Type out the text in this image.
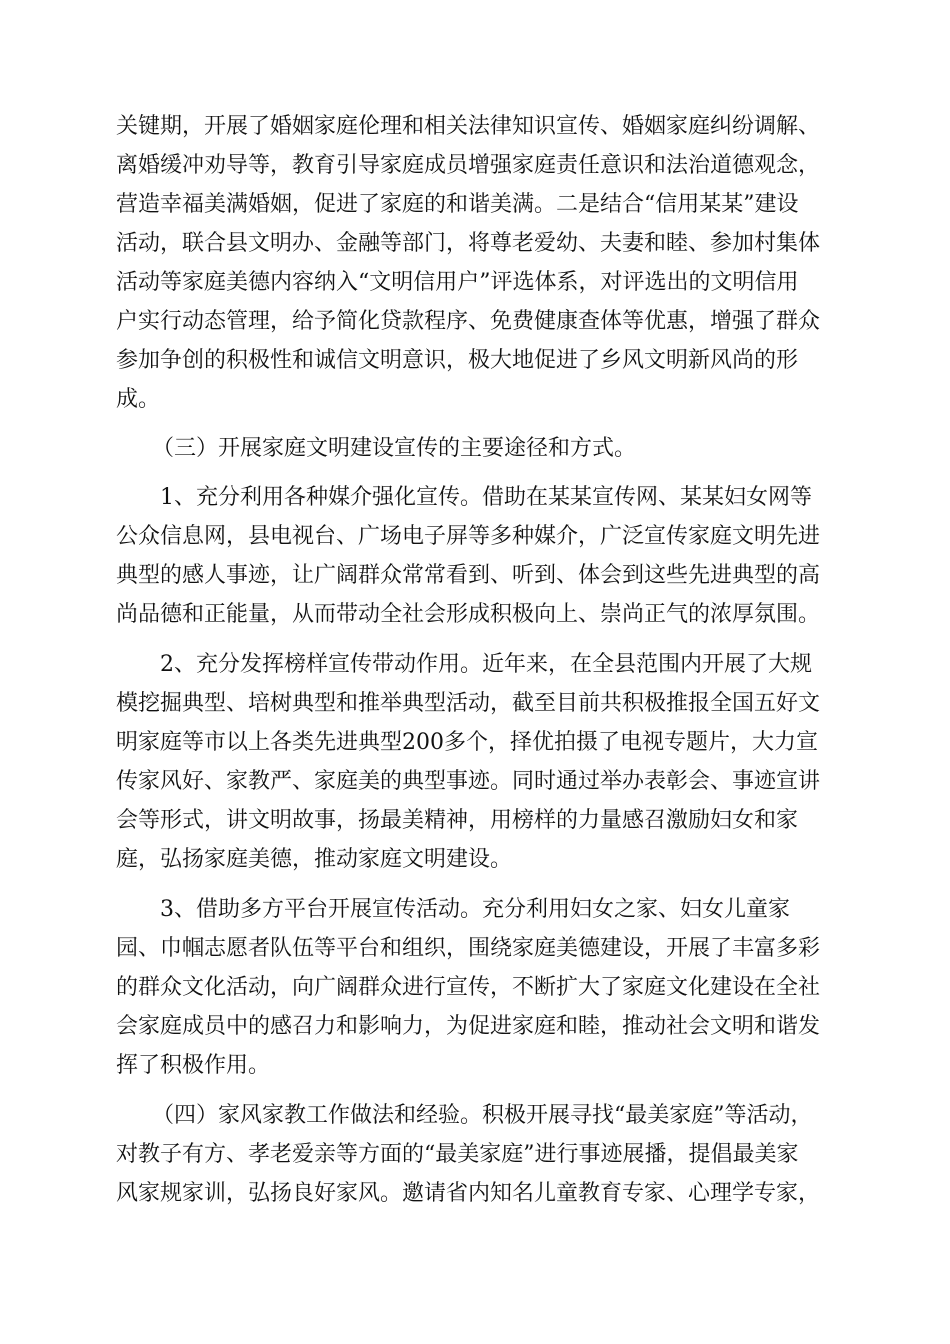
关键期，开展了婚姻家庭伦理和相关法律知识宣传、婚姻家庭纠纷调解、

离婚缓冲劝导等，教育引导家庭成员增强家庭责任意识和法治道德观念，

营造幸福美满婚姻，促进了家庭的和谐美满。二是结合“信用某某”建设

活动，联合县文明办、金融等部门，将尊老爱幼、夫妻和睦、参加村集体

活动等家庭美德内容纳入“文明信用户”评选体系，对评选出的文明信用

户实行动态管理，给予简化贷款程序、免费健康查体等优惠，增强了群众

参加争创的积极性和诚信文明意识，极大地促进了乡风文明新风尚的形

成。

（三）开展家庭文明建设宣传的主要途径和方式。

1、充分利用各种媒介强化宣传。借助在某某宣传网、某某妇女网等

公众信息网，县电视台、广场电子屏等多种媒介，广泛宣传家庭文明先进

典型的感人事迹，让广阔群众常常看到、听到、体会到这些先进典型的高

尚品德和正能量，从而带动全社会形成积极向上、崇尚正气的浓厚氛围。

2、充分发挥榜样宣传带动作用。近年来，在全县范围内开展了大规

模挖掘典型、培树典型和推举典型活动，截至目前共积极推报全国五好文

明家庭等市以上各类先进典型200多个，择优拍摄了电视专题片，大力宣

传家风好、家教严、家庭美的典型事迹。同时通过举办表彰会、事迹宣讲

会等形式，讲文明故事，扬最美精神，用榜样的力量感召激励妇女和家

庭，弘扬家庭美德，推动家庭文明建设。

3、借助多方平台开展宣传活动。充分利用妇女之家、妇女儿童家

园、巾帼志愿者队伍等平台和组织，围绕家庭美德建设，开展了丰富多彩

的群众文化活动，向广阔群众进行宣传，不断扩大了家庭文化建设在全社

会家庭成员中的感召力和影响力，为促进家庭和睦，推动社会文明和谐发

挥了积极作用。

（四）家风家教工作做法和经验。积极开展寻找“最美家庭”等活动，

对教子有方、孝老爱亲等方面的“最美家庭”进行事迹展播，提倡最美家

风家规家训，弘扬良好家风。邀请省内知名儿童教育专家、心理学专家，
